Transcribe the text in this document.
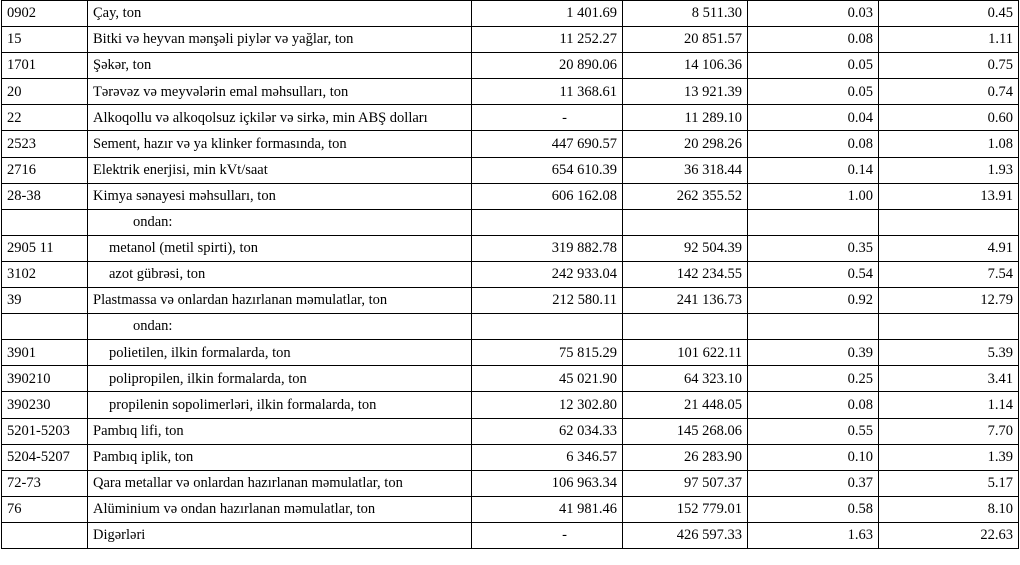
0902	Çay, ton	1 401.69	8 511.30	0.03	0.45
15	Bitki və heyvan mənşəli piylər və yağlar, ton	11 252.27	20 851.57	0.08	1.11
1701	Şəkər, ton	20 890.06	14 106.36	0.05	0.75
20	Tərəvəz və meyvələrin emal məhsulları, ton	11 368.61	13 921.39	0.05	0.74
22	Alkoqollu və alkoqolsuz içkilər və sirkə, min ABŞ dolları	-	11 289.10	0.04	0.60
2523	Sement, hazır və ya klinker formasında, ton	447 690.57	20 298.26	0.08	1.08
2716	Elektrik enerjisi, min kVt/saat	654 610.39	36 318.44	0.14	1.93
28-38	Kimya sənayesi məhsulları, ton	606 162.08	262 355.52	1.00	13.91
	ondan:				
2905 11	metanol (metil spirti), ton	319 882.78	92 504.39	0.35	4.91
3102	azot gübrəsi, ton	242 933.04	142 234.55	0.54	7.54
39	Plastmassa və onlardan hazırlanan məmulatlar, ton	212 580.11	241 136.73	0.92	12.79
	ondan:				
3901	polietilen, ilkin formalarda, ton	75 815.29	101 622.11	0.39	5.39
390210	polipropilen, ilkin formalarda, ton	45 021.90	64 323.10	0.25	3.41
390230	propilenin sopolimerləri, ilkin formalarda, ton	12 302.80	21 448.05	0.08	1.14
5201-5203	Pambıq lifi, ton	62 034.33	145 268.06	0.55	7.70
5204-5207	Pambıq iplik, ton	6 346.57	26 283.90	0.10	1.39
72-73	Qara metallar və onlardan hazırlanan məmulatlar, ton	106 963.34	97 507.37	0.37	5.17
76	Alüminium və ondan hazırlanan məmulatlar, ton	41 981.46	152 779.01	0.58	8.10
	Digərləri	-	426 597.33	1.63	22.63
